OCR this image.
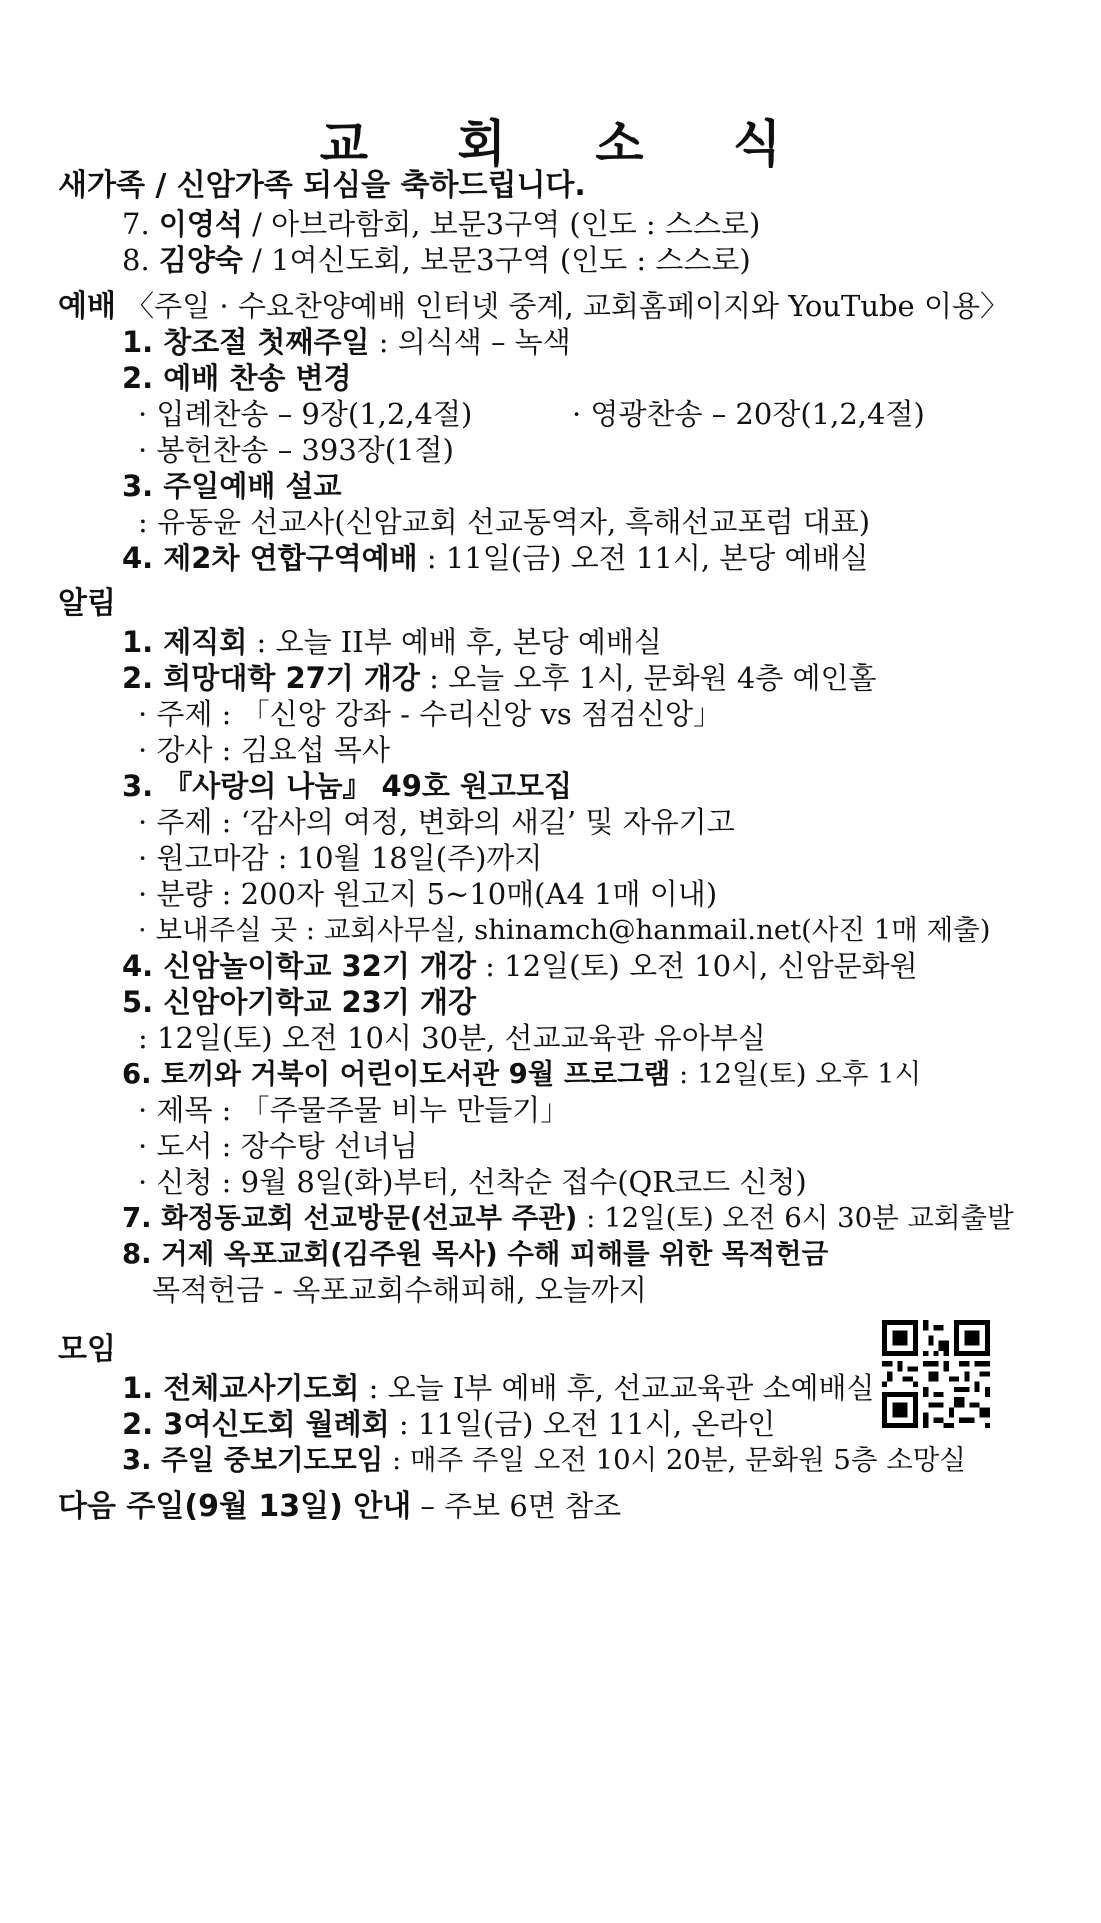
교 회 소 식
새가족 / 신암가족 되심을 축하드립니다.
7. 이영석 / 아브라함회, 보문3구역 (인도 : 스스로)
8. 김양숙 / 1여신도회, 보문3구역 (인도 : 스스로)
예배 〈주일 · 수요찬양예배 인터넷 중계, 교회홈페이지와 YouTube 이용〉
1. 창조절 첫째주일 : 의식색 – 녹색
2. 예배 찬송 변경
· 입례찬송 – 9장(1,2,4절)	· 영광찬송 – 20장(1,2,4절)
· 봉헌찬송 – 393장(1절)
3. 주일예배 설교
: 유동윤 선교사(신암교회 선교동역자, 흑해선교포럼 대표)
4. 제2차 연합구역예배 : 11일(금) 오전 11시, 본당 예배실
알림
1. 제직회 : 오늘 II부 예배 후, 본당 예배실
2. 희망대학 27기 개강 : 오늘 오후 1시, 문화원 4층 예인홀
· 주제 : 「신앙 강좌 - 수리신앙 vs 점검신앙」
· 강사 : 김요섭 목사
3. 『사랑의 나눔』 49호 원고모집
· 주제 : ‘감사의 여정, 변화의 새길’ 및 자유기고
· 원고마감 : 10월 18일(주)까지
· 분량 : 200자 원고지 5~10매(A4 1매 이내)
· 보내주실 곳 : 교회사무실, shinamch@hanmail.net(사진 1매 제출)
4. 신암놀이학교 32기 개강 : 12일(토) 오전 10시, 신암문화원
5. 신암아기학교 23기 개강
: 12일(토) 오전 10시 30분, 선교교육관 유아부실
6. 토끼와 거북이 어린이도서관 9월 프로그램 : 12일(토) 오후 1시
· 제목 : 「주물주물 비누 만들기」
· 도서 : 장수탕 선녀님
· 신청 : 9월 8일(화)부터, 선착순 접수(QR코드 신청)
7. 화정동교회 선교방문(선교부 주관) : 12일(토) 오전 6시 30분 교회출발
8. 거제 옥포교회(김주원 목사) 수해 피해를 위한 목적헌금
목적헌금 - 옥포교회수해피해, 오늘까지
모임
1. 전체교사기도회 : 오늘 I부 예배 후, 선교교육관 소예배실
2. 3여신도회 월례회 : 11일(금) 오전 11시, 온라인
3. 주일 중보기도모임 : 매주 주일 오전 10시 20분, 문화원 5층 소망실
다음 주일(9월 13일) 안내 – 주보 6면 참조
